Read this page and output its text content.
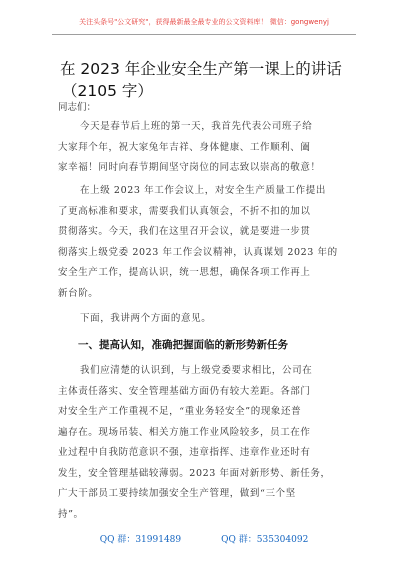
关注头条号"公文研究"，获得最新最全最专业的公文资料库！ 微信：gongwenyj
在 2023 年企业安全生产第一课上的讲话
（2105 字）
同志们：
今天是春节后上班的第一天，我首先代表公司班子给
大家拜个年，祝大家兔年吉祥、身体健康、工作顺利、阖
家幸福！同时向春节期间坚守岗位的同志致以崇高的敬意！
在上级 2023 年工作会议上，对安全生产质量工作提出
了更高标准和要求，需要我们认真领会，不折不扣的加以
贯彻落实。今天，我们在这里召开会议，就是要进一步贯
彻落实上级党委 2023 年工作会议精神，认真谋划 2023 年的
安全生产工作，提高认识，统一思想，确保各项工作再上
新台阶。
下面，我讲两个方面的意见。
一、提高认知，准确把握面临的新形势新任务
我们应清楚的认识到，与上级党委要求相比，公司在
主体责任落实、安全管理基础方面仍有较大差距。各部门
对安全生产工作重视不足，“重业务轻安全”的现象还普
遍存在。现场吊装、相关方施工作业风险较多，员工在作
业过程中自我防范意识不强，违章指挥、违章作业还时有
发生，安全管理基础较薄弱。2023 年面对新形势、新任务，
广大干部员工要持续加强安全生产管理，做到“三个坚
持”。
QQ 群：31991489	QQ 群：535304092
